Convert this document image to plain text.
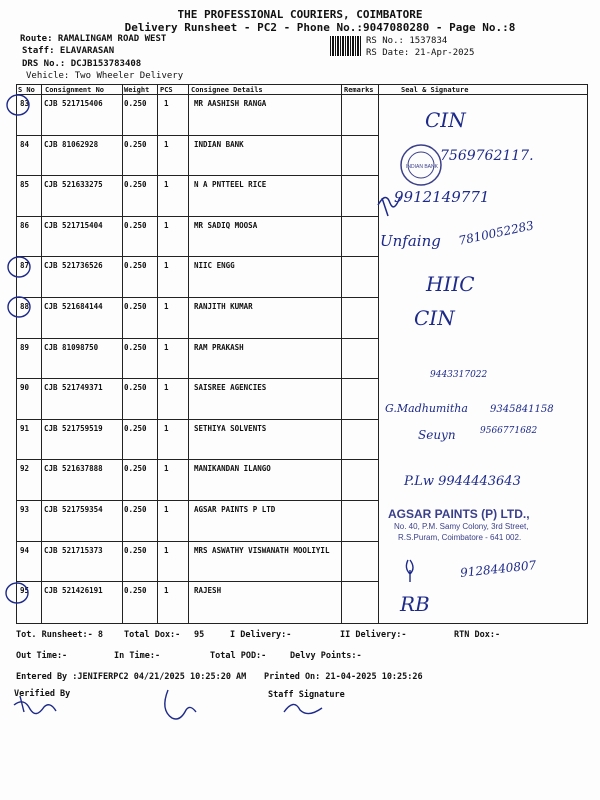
THE PROFESSIONAL COURIERS, COIMBATORE
Delivery Runsheet - PC2 - Phone No.:9047080280 - Page No.:8
Route: RAMALINGAM ROAD WEST
Staff: ELAVARASAN
DRS No.: DCJB153783408
Vehicle: Two Wheeler Delivery
RS No.: 1537834
RS Date: 21-Apr-2025
S No Consignment No	Weight PCS	Consignee Details	Remarks	Seal & Signature
83 CJB 521715406	0.250 1	MR AASHISH RANGA
84 CJB 81062928	0.250 1	INDIAN BANK
85 CJB 521633275	0.250 1	N A PNTTEEL RICE
86 CJB 521715404	0.250 1	MR SADIQ MOOSA
87 CJB 521736526	0.250 1	NIIC ENGG
88 CJB 521684144	0.250 1	RANJITH KUMAR
89 CJB 81098750	0.250 1	RAM PRAKASH
90 CJB 521749371	0.250 1	SAISREE AGENCIES
91 CJB 521759519	0.250 1	SETHIYA SOLVENTS
92 CJB 521637888	0.250 1	MANIKANDAN ILANGO
93 CJB 521759354	0.250 1	AGSAR PAINTS P LTD
94 CJB 521715373	0.250 1	MRS ASWATHY VISWANATH MOOLIYIL
95 CJB 521426191	0.250 1	RAJESH
INDIAN BANK
CIN
7569762117.
9912149771
Unfaing 7810052283
HIIC
CIN
9443317022
G.Madhumitha 9345841158
Seuyn	9566771682
P.Lw 9944443643
9128440807
RB
AGSAR PAINTS (P) LTD.,
No. 40, P.M. Samy Colony, 3rd Street,
R.S.Puram, Coimbatore - 641 002.
Tot. Runsheet:- 8 Total Dox:- 95	I Delivery:-	II Delivery:-	RTN Dox:-
Out Time:-	In Time:-	Total POD:-	Delvy Points:-
Entered By :JENIFERPC2 04/21/2025 10:25:20 AM Printed On: 21-04-2025 10:25:26
Verified By	Staff Signature
